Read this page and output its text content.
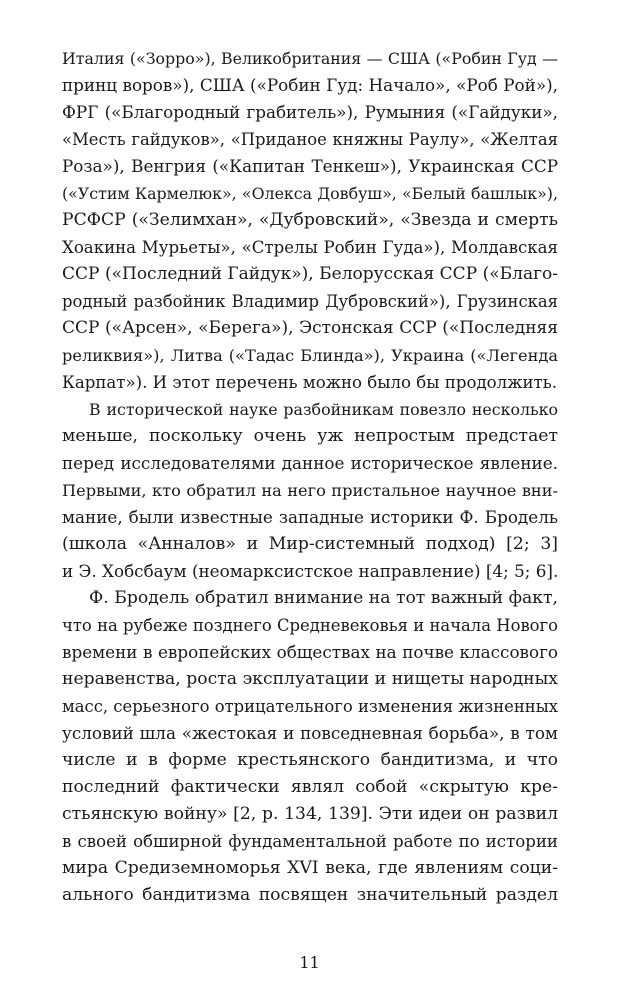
Италия («Зорро»), Великобритания — США («Робин Гуд —
принц воров»), США («Робин Гуд: Начало», «Роб Рой»),
ФРГ («Благородный грабитель»), Румыния («Гайдуки»,
«Месть гайдуков», «Приданое княжны Раулу», «Желтая
Роза»), Венгрия («Капитан Тенкеш»), Украинская ССР
(«Устим Кармелюк», «Олекса Довбуш», «Белый башлык»),
РСФСР («Зелимхан», «Дубровский», «Звезда и смерть
Хоакина Мурьеты», «Стрелы Робин Гуда»), Молдавская
ССР («Последний Гайдук»), Белорусская ССР («Благо-
родный разбойник Владимир Дубровский»), Грузинская
ССР («Арсен», «Берега»), Эстонская ССР («Последняя
реликвия»), Литва («Тадас Блинда»), Украина («Легенда
Карпат»). И этот перечень можно было бы продолжить.
В исторической науке разбойникам повезло несколько
меньше, поскольку очень уж непростым предстает
перед исследователями данное историческое явление.
Первыми, кто обратил на него пристальное научное вни-
мание, были известные западные историки Ф. Бродель
(школа «Анналов» и Мир-системный подход) [2; 3]
и Э. Хобсбаум (неомарксистское направление) [4; 5; 6].
Ф. Бродель обратил внимание на тот важный факт,
что на рубеже позднего Средневековья и начала Нового
времени в европейских обществах на почве классового
неравенства, роста эксплуатации и нищеты народных
масс, серьезного отрицательного изменения жизненных
условий шла «жестокая и повседневная борьба», в том
числе и в форме крестьянского бандитизма, и что
последний фактически являл собой «скрытую кре-
стьянскую войну» [2, р. 134, 139]. Эти идеи он развил
в своей обширной фундаментальной работе по истории
мира Средиземноморья XVI века, где явлениям соци-
ального бандитизма посвящен значительный раздел
11
